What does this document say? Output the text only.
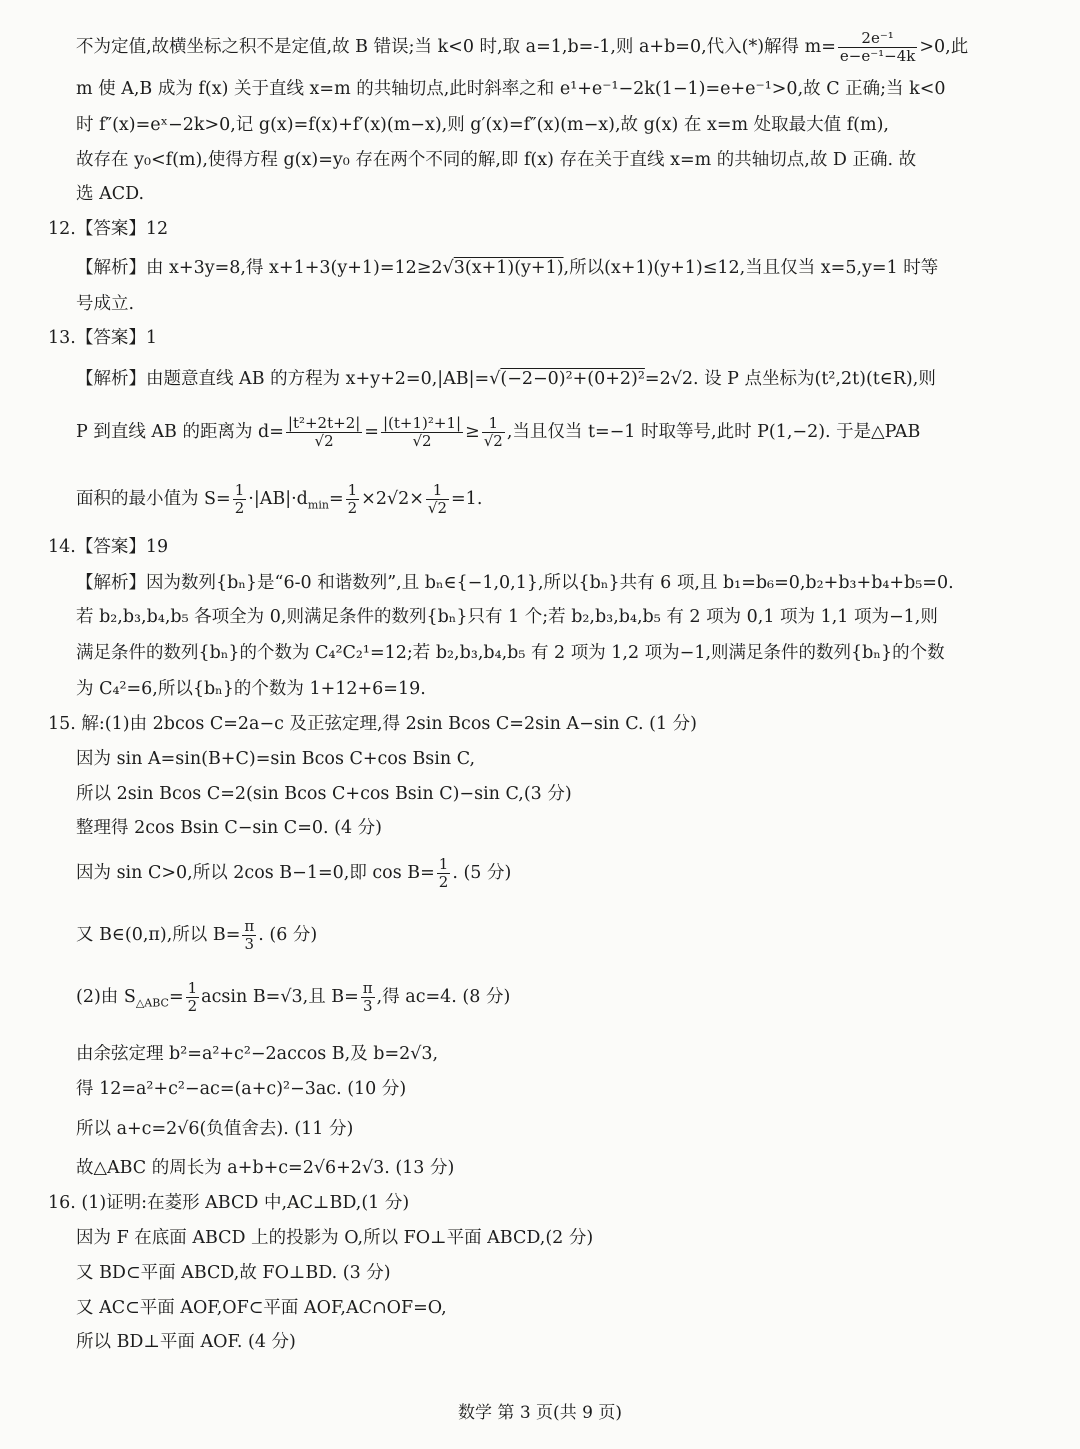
不为定值,故横坐标之积不是定值,故 B 错误;当 k<0 时,取 a=1,b=-1,则 a+b=0,代入(*)解得 $m= \frac{\text{2e⁻¹}}{\text{e−e⁻¹−4k}} >0$,此
m 使 A,B 成为 f(x) 关于直线 x=m 的共轴切点,此时斜率之和 e¹+e⁻¹−2k(1−1)=e+e⁻¹>0,故 C 正确;当 k<0
时 f″(x)=eˣ−2k>0,记 g(x)=f(x)+f′(x)(m−x),则 g′(x)=f″(x)(m−x),故 g(x) 在 x=m 处取最大值 f(m),
故存在 y₀<f(m),使得方程 g(x)=y₀ 存在两个不同的解,即 f(x) 存在关于直线 x=m 的共轴切点,故 D 正确. 故
选 ACD.
12.【答案】12
【解析】由 x+3y=8,得 x+1+3(y+1)=12≥2√3(x+1)(y+1),所以(x+1)(y+1)≤12,当且仅当 x=5,y=1 时等
号成立.
13.【答案】1
【解析】由题意直线 AB 的方程为 x+y+2=0,|AB|=√(−2−0)²+(0+2)²=2√2. 设 P 点坐标为(t²,2t)(t∈R),则
P 到直线 AB 的距离为 $d= \frac{\text{|t²+2t+2|}}{√2} = \frac{\text{|(t+1)²+1|}}{√2} \ge \frac{1}{√2}$ ,当且仅当 t=−1 时取等号,此时 P(1,−2). 于是△PAB
面积的最小值为 $S= \frac{1}{2} \cdot|AB|\cdot d_{min}= \frac{1}{2} \times 2√2\times \frac{1}{√2} =1$.
14.【答案】19
【解析】因为数列{bₙ}是“6-0 和谐数列”,且 bₙ∈{−1,0,1},所以{bₙ}共有 6 项,且 b₁=b₆=0,b₂+b₃+b₄+b₅=0.
若 b₂,b₃,b₄,b₅ 各项全为 0,则满足条件的数列{bₙ}只有 1 个;若 b₂,b₃,b₄,b₅ 有 2 项为 0,1 项为 1,1 项为−1,则
满足条件的数列{bₙ}的个数为 C₄²C₂¹=12;若 b₂,b₃,b₄,b₅ 有 2 项为 1,2 项为−1,则满足条件的数列{bₙ}的个数
为 C₄²=6,所以{bₙ}的个数为 1+12+6=19.
15. 解:(1)由 2bcos C=2a−c 及正弦定理,得 2sin Bcos C=2sin A−sin C. (1 分)
因为 sin A=sin(B+C)=sin Bcos C+cos Bsin C,
所以 2sin Bcos C=2(sin Bcos C+cos Bsin C)−sin C,(3 分)
整理得 2cos Bsin C−sin C=0. (4 分)
因为 sin C>0,所以 2cos B−1=0,即 $\cos B= \frac{1}{2}$ . (5 分)
又 B∈(0,π),所以 $B= \frac{\pi}{3}$ . (6 分)
(2)由 $S_{\triangle ABC}= \frac{1}{2}$ acsin B=√3,且 $B= \frac{\pi}{3}$ ,得 ac=4. (8 分)
由余弦定理 b²=a²+c²−2accos B,及 b=2√3,
得 12=a²+c²−ac=(a+c)²−3ac. (10 分)
所以 a+c=2√6(负值舍去). (11 分)
故△ABC 的周长为 a+b+c=2√6+2√3. (13 分)
16. (1)证明:在菱形 ABCD 中,AC⊥BD,(1 分)
因为 F 在底面 ABCD 上的投影为 O,所以 FO⊥平面 ABCD,(2 分)
又 BD⊂平面 ABCD,故 FO⊥BD. (3 分)
又 AC⊂平面 AOF,OF⊂平面 AOF,AC∩OF=O,
所以 BD⊥平面 AOF. (4 分)
数学 第 3 页(共 9 页)
